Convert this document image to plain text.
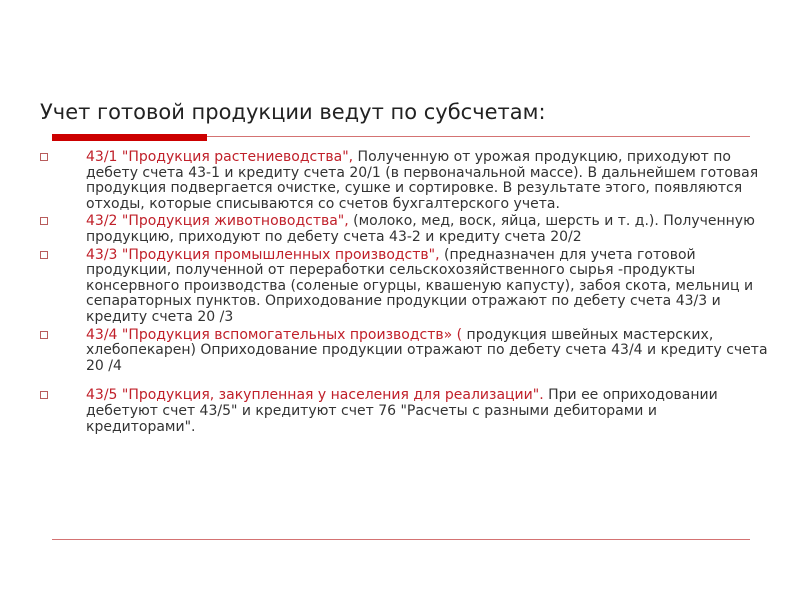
Учет готовой продукции ведут по субсчетам:
43/1 "Продукция растениеводства", Полученную от урожая продукцию, приходуют по дебету счета 43-1 и кредиту счета 20/1 (в первоначальной массе). В дальнейшем готовая продукция подвергается очистке, сушке и сортировке. В результате этого, появляются отходы, которые списываются со счетов бухгалтерского учета.
43/2 "Продукция животноводства", (молоко, мед, воск, яйца, шерсть и т. д.). Полученную продукцию, приходуют по дебету счета 43-2 и кредиту счета 20/2
43/3 "Продукция промышленных производств", (предназначен для учета готовой продукции, полученной от переработки сельскохозяйственного сырья -продукты консервного производства (соленые огурцы, квашеную капусту), забоя скота, мельниц и сепараторных пунктов. Оприходование продукции отражают по дебету счета 43/3 и кредиту счета 20 /3
43/4 "Продукция вспомогательных производств» ( продукция швейных мастерских, хлебопекарен) Оприходование продукции отражают по дебету счета 43/4 и кредиту счета 20 /4
43/5 "Продукция, закупленная у населения для реализации". При ее оприходовании дебетуют счет 43/5" и кредитуют счет 76 "Расчеты с разными дебиторами и кредиторами".
